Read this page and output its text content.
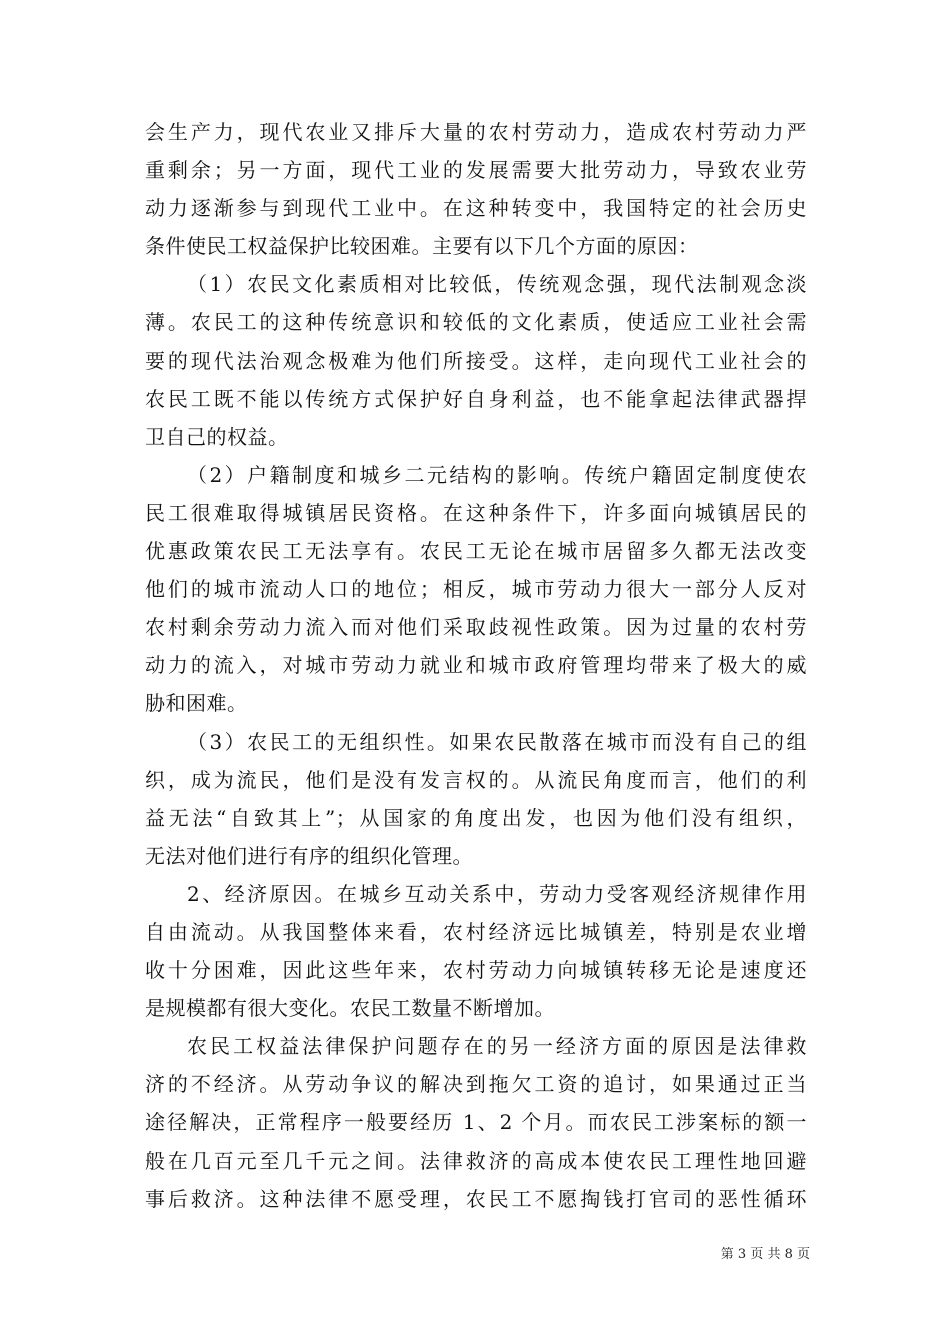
会生产力，现代农业又排斥大量的农村劳动力，造成农村劳动力严
重剩余；另一方面，现代工业的发展需要大批劳动力，导致农业劳
动力逐渐参与到现代工业中。在这种转变中，我国特定的社会历史
条件使民工权益保护比较困难。主要有以下几个方面的原因：
（1）农民文化素质相对比较低，传统观念强，现代法制观念淡
薄。农民工的这种传统意识和较低的文化素质，使适应工业社会需
要的现代法治观念极难为他们所接受。这样，走向现代工业社会的
农民工既不能以传统方式保护好自身利益，也不能拿起法律武器捍
卫自己的权益。
（2）户籍制度和城乡二元结构的影响。传统户籍固定制度使农
民工很难取得城镇居民资格。在这种条件下，许多面向城镇居民的
优惠政策农民工无法享有。农民工无论在城市居留多久都无法改变
他们的城市流动人口的地位；相反，城市劳动力很大一部分人反对
农村剩余劳动力流入而对他们采取歧视性政策。因为过量的农村劳
动力的流入，对城市劳动力就业和城市政府管理均带来了极大的威
胁和困难。
（3）农民工的无组织性。如果农民散落在城市而没有自己的组
织，成为流民，他们是没有发言权的。从流民角度而言，他们的利
益无法“自致其上”；从国家的角度出发，也因为他们没有组织，
无法对他们进行有序的组织化管理。
2、经济原因。在城乡互动关系中，劳动力受客观经济规律作用
自由流动。从我国整体来看，农村经济远比城镇差，特别是农业增
收十分困难，因此这些年来，农村劳动力向城镇转移无论是速度还
是规模都有很大变化。农民工数量不断增加。
农民工权益法律保护问题存在的另一经济方面的原因是法律救
济的不经济。从劳动争议的解决到拖欠工资的追讨，如果通过正当
途径解决，正常程序一般要经历 1、2 个月。而农民工涉案标的额一
般在几百元至几千元之间。法律救济的高成本使农民工理性地回避
事后救济。这种法律不愿受理，农民工不愿掏钱打官司的恶性循环
第 3 页 共 8 页
